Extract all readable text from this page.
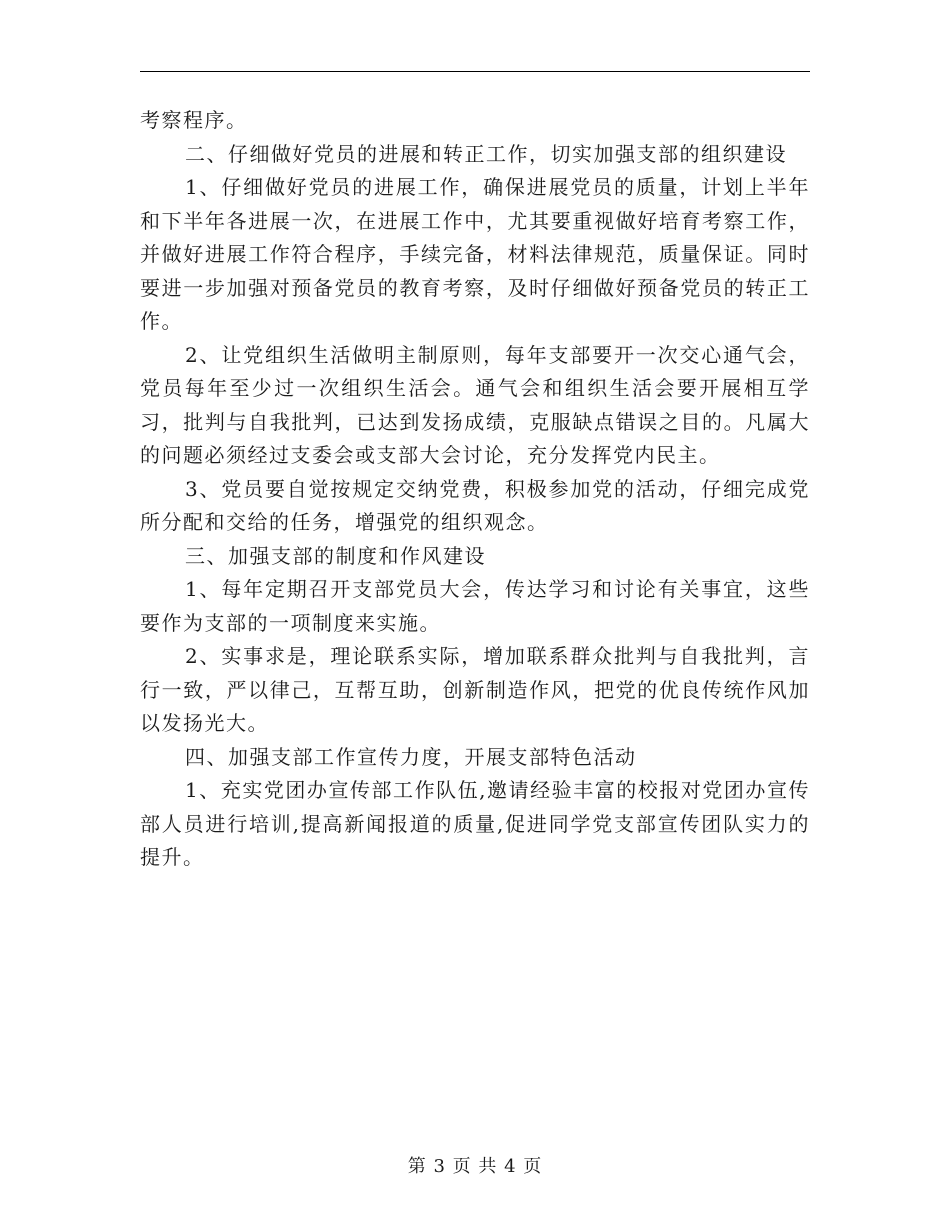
考察程序。

二、仔细做好党员的进展和转正工作，切实加强支部的组织建设

1、仔细做好党员的进展工作，确保进展党员的质量，计划上半年和下半年各进展一次，在进展工作中，尤其要重视做好培育考察工作，并做好进展工作符合程序，手续完备，材料法律规范，质量保证。同时要进一步加强对预备党员的教育考察，及时仔细做好预备党员的转正工作。

2、让党组织生活做明主制原则，每年支部要开一次交心通气会，党员每年至少过一次组织生活会。通气会和组织生活会要开展相互学习，批判与自我批判，已达到发扬成绩，克服缺点错误之目的。凡属大的问题必须经过支委会或支部大会讨论，充分发挥党内民主。

3、党员要自觉按规定交纳党费，积极参加党的活动，仔细完成党所分配和交给的任务，增强党的组织观念。

三、加强支部的制度和作风建设

1、每年定期召开支部党员大会，传达学习和讨论有关事宜，这些要作为支部的一项制度来实施。

2、实事求是，理论联系实际，增加联系群众批判与自我批判，言行一致，严以律己，互帮互助，创新制造作风，把党的优良传统作风加以发扬光大。

四、加强支部工作宣传力度，开展支部特色活动

1、充实党团办宣传部工作队伍,邀请经验丰富的校报对党团办宣传部人员进行培训,提高新闻报道的质量,促进同学党支部宣传团队实力的提升。

第 3 页 共 4 页
